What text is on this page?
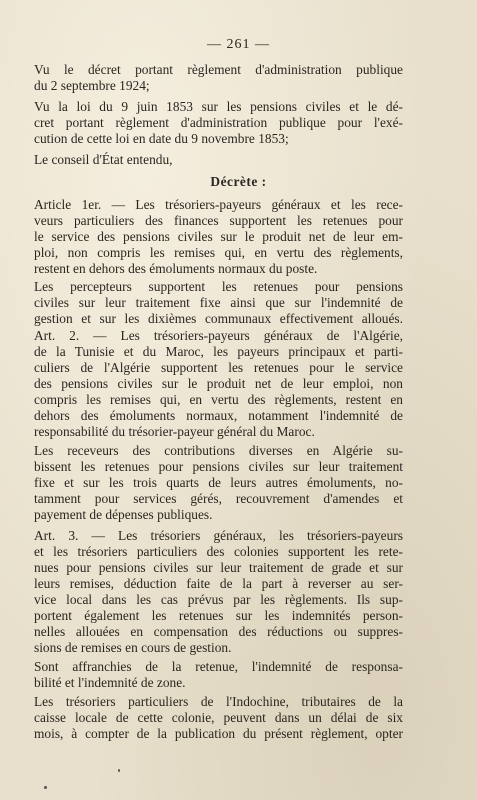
— 261 —
Vu le décret portant règlement d'administration publique
du 2 septembre 1924;
Vu la loi du 9 juin 1853 sur les pensions civiles et le dé-
cret portant règlement d'administration publique pour l'exé-
cution de cette loi en date du 9 novembre 1853;
Le conseil d'État entendu,
Décrète :
Article 1er. — Les trésoriers-payeurs généraux et les rece-
veurs particuliers des finances supportent les retenues pour
le service des pensions civiles sur le produit net de leur em-
ploi, non compris les remises qui, en vertu des règlements,
restent en dehors des émoluments normaux du poste.
Les percepteurs supportent les retenues pour pensions
civiles sur leur traitement fixe ainsi que sur l'indemnité de
gestion et sur les dixièmes communaux effectivement alloués.
Art. 2. — Les trésoriers-payeurs généraux de l'Algérie,
de la Tunisie et du Maroc, les payeurs principaux et parti-
culiers de l'Algérie supportent les retenues pour le service
des pensions civiles sur le produit net de leur emploi, non
compris les remises qui, en vertu des règlements, restent en
dehors des émoluments normaux, notamment l'indemnité de
responsabilité du trésorier-payeur général du Maroc.
Les receveurs des contributions diverses en Algérie su-
bissent les retenues pour pensions civiles sur leur traitement
fixe et sur les trois quarts de leurs autres émoluments, no-
tamment pour services gérés, recouvrement d'amendes et
payement de dépenses publiques.
Art. 3. — Les trésoriers généraux, les trésoriers-payeurs
et les trésoriers particuliers des colonies supportent les rete-
nues pour pensions civiles sur leur traitement de grade et sur
leurs remises, déduction faite de la part à reverser au ser-
vice local dans les cas prévus par les règlements. Ils sup-
portent également les retenues sur les indemnités person-
nelles allouées en compensation des réductions ou suppres-
sions de remises en cours de gestion.
Sont affranchies de la retenue, l'indemnité de responsa-
bilité et l'indemnité de zone.
Les trésoriers particuliers de l'Indochine, tributaires de la
caisse locale de cette colonie, peuvent dans un délai de six
mois, à compter de la publication du présent règlement, opter
